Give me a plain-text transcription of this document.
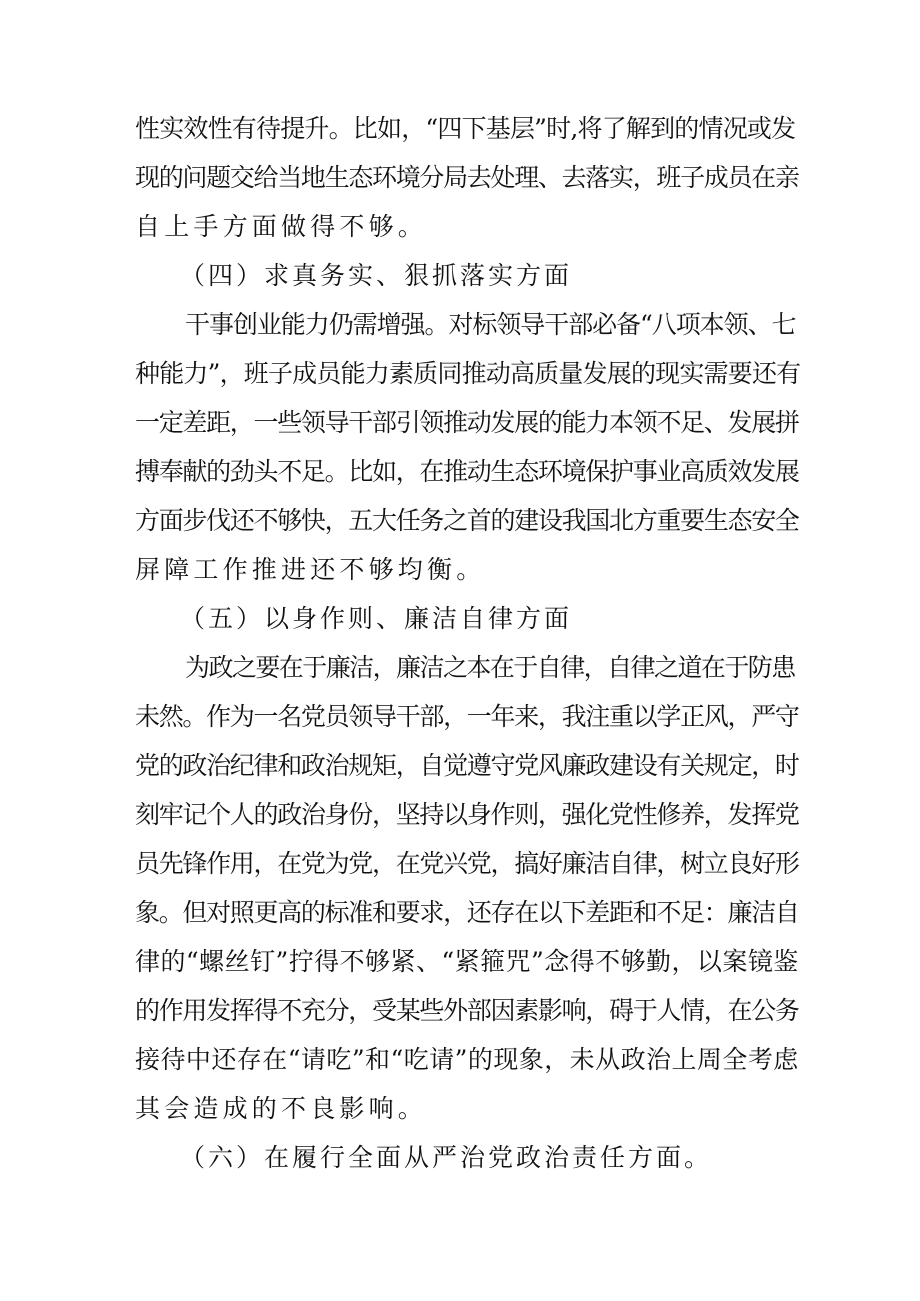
性实效性有待提升。比如，“四下基层”时,将了解到的情况或发
现的问题交给当地生态环境分局去处理、去落实，班子成员在亲
自上手方面做得不够。
（四）求真务实、狠抓落实方面
干事创业能力仍需增强。对标领导干部必备“八项本领、七
种能力”，班子成员能力素质同推动高质量发展的现实需要还有
一定差距，一些领导干部引领推动发展的能力本领不足、发展拼
搏奉献的劲头不足。比如，在推动生态环境保护事业高质效发展
方面步伐还不够快，五大任务之首的建设我国北方重要生态安全
屏障工作推进还不够均衡。
（五）以身作则、廉洁自律方面
为政之要在于廉洁，廉洁之本在于自律，自律之道在于防患
未然。作为一名党员领导干部，一年来，我注重以学正风，严守
党的政治纪律和政治规矩，自觉遵守党风廉政建设有关规定，时
刻牢记个人的政治身份，坚持以身作则，强化党性修养，发挥党
员先锋作用，在党为党，在党兴党，搞好廉洁自律，树立良好形
象。但对照更高的标准和要求，还存在以下差距和不足：廉洁自
律的“螺丝钉”拧得不够紧、“紧箍咒”念得不够勤，以案镜鉴
的作用发挥得不充分，受某些外部因素影响，碍于人情，在公务
接待中还存在“请吃”和“吃请”的现象，未从政治上周全考虑
其会造成的不良影响。
（六）在履行全面从严治党政治责任方面。
